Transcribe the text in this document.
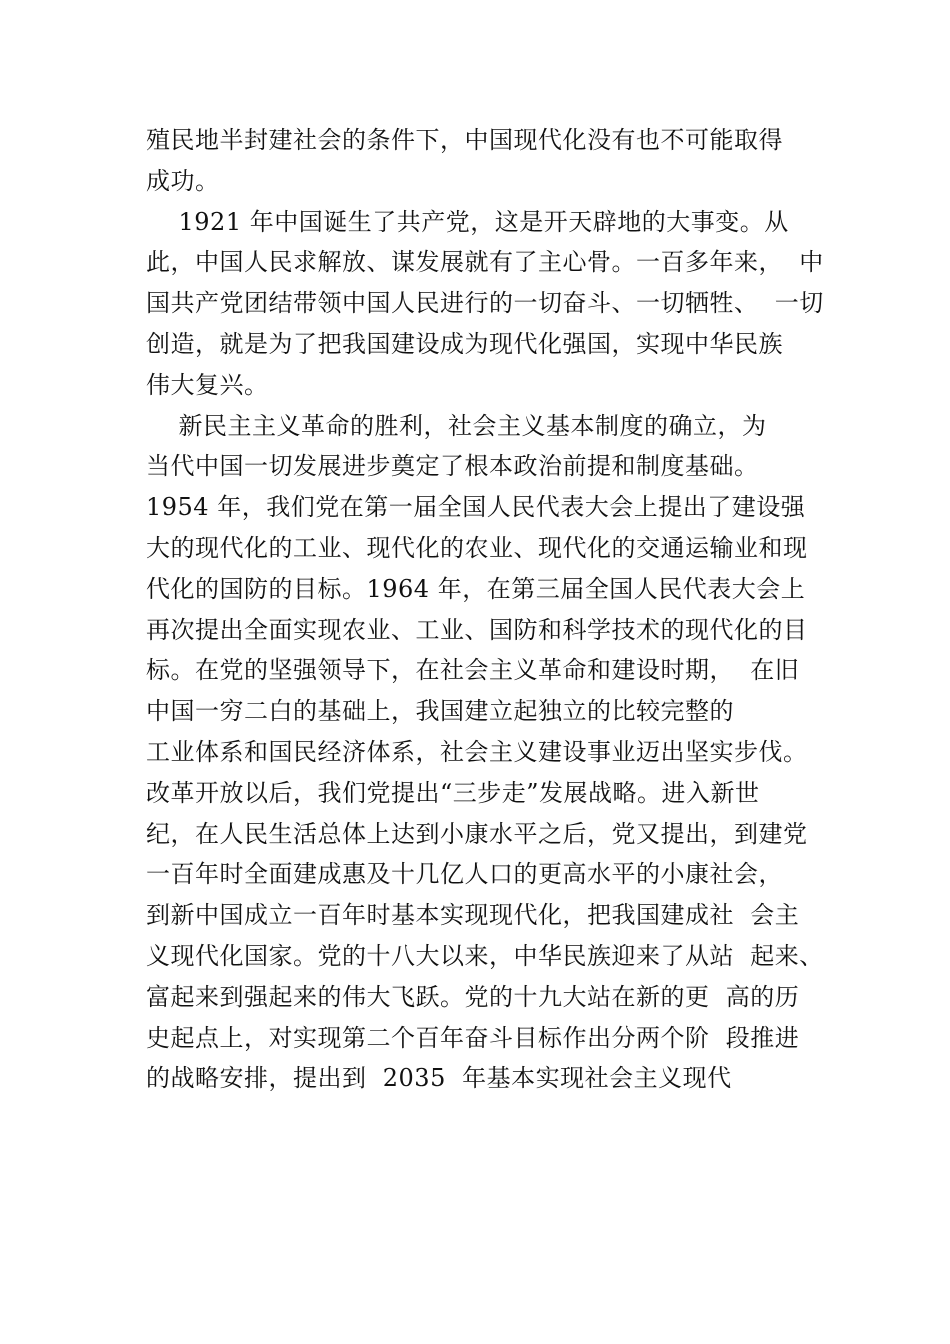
殖民地半封建社会的条件下，中国现代化没有也不可能取得
成功。
1921 年中国诞生了共产党，这是开天辟地的大事变。从
此，中国人民求解放、谋发展就有了主心骨。一百多年来，  中
国共产党团结带领中国人民进行的一切奋斗、一切牺牲、  一切
创造，就是为了把我国建设成为现代化强国，实现中华民族
伟大复兴。
新民主主义革命的胜利，社会主义基本制度的确立，为
当代中国一切发展进步奠定了根本政治前提和制度基础。
1954 年，我们党在第一届全国人民代表大会上提出了建设强
大的现代化的工业、现代化的农业、现代化的交通运输业和现
代化的国防的目标。1964 年，在第三届全国人民代表大会上
再次提出全面实现农业、工业、国防和科学技术的现代化的目
标。在党的坚强领导下，在社会主义革命和建设时期，  在旧
中国一穷二白的基础上，我国建立起独立的比较完整的
工业体系和国民经济体系，社会主义建设事业迈出坚实步伐。
改革开放以后，我们党提出“三步走”发展战略。进入新世
纪，在人民生活总体上达到小康水平之后，党又提出，到建党
一百年时全面建成惠及十几亿人口的更高水平的小康社会，
到新中国成立一百年时基本实现现代化，把我国建成社  会主
义现代化国家。党的十八大以来，中华民族迎来了从站  起来、
富起来到强起来的伟大飞跃。党的十九大站在新的更  高的历
史起点上，对实现第二个百年奋斗目标作出分两个阶  段推进
的战略安排，提出到  2035  年基本实现社会主义现代
